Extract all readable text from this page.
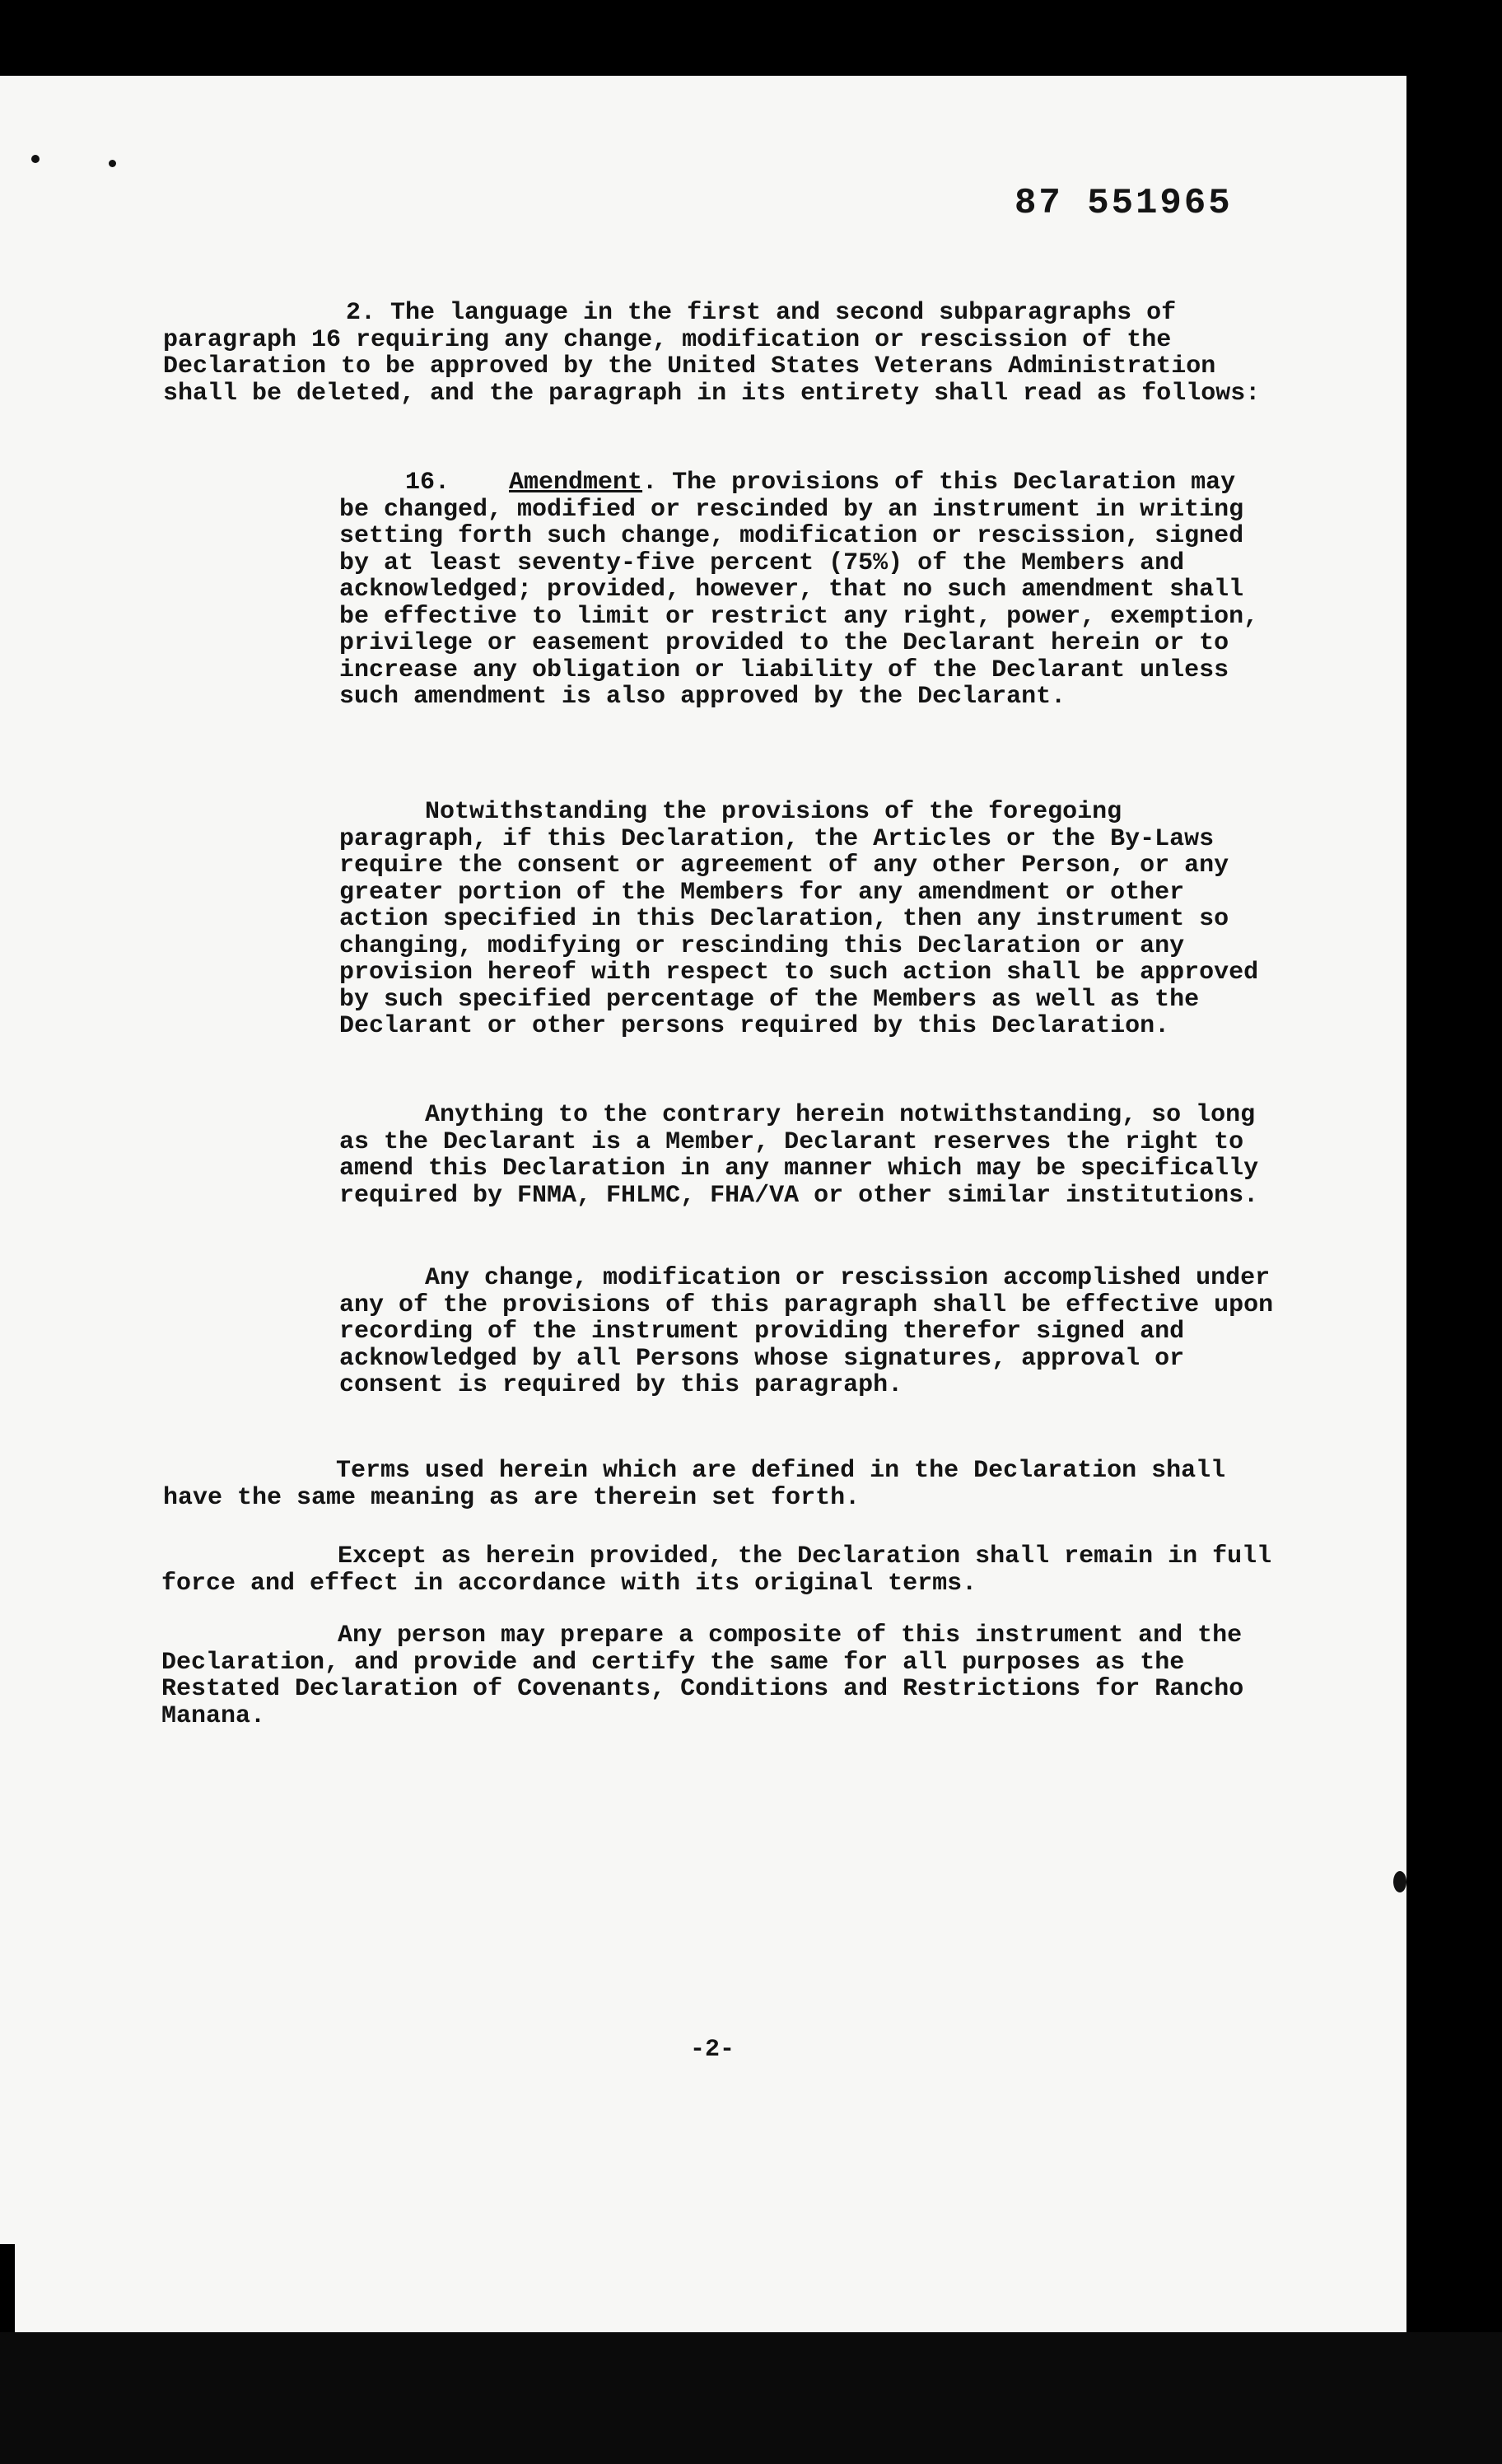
87 551965

2. The language in the first and second subparagraphs of paragraph 16 requiring any change, modification or rescission of the Declaration to be approved by the United States Veterans Administration shall be deleted, and the paragraph in its entirety shall read as follows:

16. Amendment. The provisions of this Declaration may be changed, modified or rescinded by an instrument in writing setting forth such change, modification or rescission, signed by at least seventy-five percent (75%) of the Members and acknowledged; provided, however, that no such amendment shall be effective to limit or restrict any right, power, exemption, privilege or easement provided to the Declarant herein or to increase any obligation or liability of the Declarant unless such amendment is also approved by the Declarant.

Notwithstanding the provisions of the foregoing paragraph, if this Declaration, the Articles or the By-Laws require the consent or agreement of any other Person, or any greater portion of the Members for any amendment or other action specified in this Declaration, then any instrument so changing, modifying or rescinding this Declaration or any provision hereof with respect to such action shall be approved by such specified percentage of the Members as well as the Declarant or other persons required by this Declaration.

Anything to the contrary herein notwithstanding, so long as the Declarant is a Member, Declarant reserves the right to amend this Declaration in any manner which may be specifically required by FNMA, FHLMC, FHA/VA or other similar institutions.

Any change, modification or rescission accomplished under any of the provisions of this paragraph shall be effective upon recording of the instrument providing therefor signed and acknowledged by all Persons whose signatures, approval or consent is required by this paragraph.

Terms used herein which are defined in the Declaration shall have the same meaning as are therein set forth.

Except as herein provided, the Declaration shall remain in full force and effect in accordance with its original terms.

Any person may prepare a composite of this instrument and the Declaration, and provide and certify the same for all purposes as the Restated Declaration of Covenants, Conditions and Restrictions for Rancho Manana.

-2-
